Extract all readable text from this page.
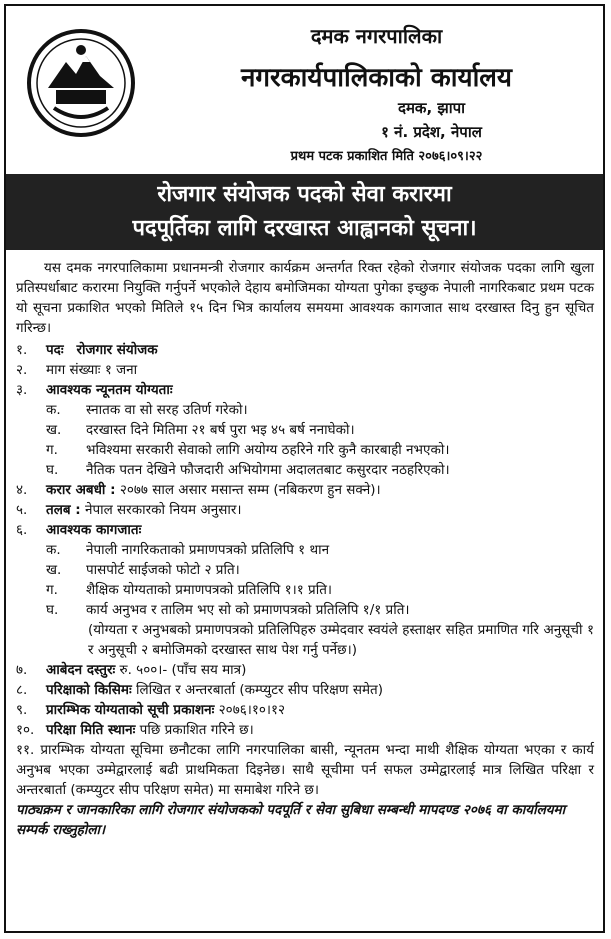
दमक नगरपालिका
नगरकार्यपालिकाको कार्यालय
दमक, झापा
१ नं. प्रदेश, नेपाल
प्रथम पटक प्रकाशित मिति २०७६।०९।२२
रोजगार संयोजक पदको सेवा करारमा
पदपूर्तिका लागि दरखास्त आह्वानको सूचना।

यस दमक नगरपालिकामा प्रधानमन्त्री रोजगार कार्यक्रम अन्तर्गत रिक्त रहेको रोजगार संयोजक पदका लागि खुला प्रतिस्पर्धाबाट करारमा नियुक्ति गर्नुपर्ने भएकोले देहाय बमोजिमका योग्यता पुगेका इच्छुक नेपाली नागरिकबाट प्रथम पटक यो सूचना प्रकाशित भएको मितिले १५ दिन भित्र कार्यालय समयमा आवश्यक कागजात साथ दरखास्त दिनु हुन सूचित गरिन्छ।

१.	पदः
रोजगार संयोजक
२.	माग संख्याः
१ जना
३.	आवश्यक न्यूनतम योग्यताः
क.	स्नातक वा सो सरह उतिर्ण गरेको।
ख.	दरखास्त दिने मितिमा २१ बर्ष पुरा भइ ४५ बर्ष ननाघेको।
ग.	भविश्यमा सरकारी सेवाको लागि अयोग्य ठहरिने गरि कुनै कारबाही नभएको।
घ.	नैतिक पतन देखिने फौजदारी अभियोगमा अदालतबाट कसुरदार नठहरिएको।
४.	करार अबधी :
२०७७ साल असार मसान्त सम्म (नबिकरण हुन सक्ने)।
५.	तलब :
नेपाल सरकारको नियम अनुसार।
६.	आवश्यक कागजातः
क.	नेपाली नागरिकताको प्रमाणपत्रको प्रतिलिपि १ थान
ख.	पासपोर्ट साईजको फोटो २ प्रति।
ग.	शैक्षिक योग्यताको प्रमाणपत्रको प्रतिलिपि १।१ प्रति।
घ.	कार्य अनुभव र तालिम भए सो को प्रमाणपत्रको प्रतिलिपि १/१ प्रति।
(योग्यता र अनुभबको प्रमाणपत्रको प्रतिलिपिहरु उम्मेदवार स्वयंले हस्ताक्षर सहित प्रमाणित गरि अनुसूची १ र अनुसूची २ बमोजिमको दरखास्त साथ पेश गर्नु पर्नेछ।)
७.	आबेदन दस्तुरः
रु. ५००।- (पाँच सय मात्र)
८.	परिक्षाको किसिमः
लिखित र अन्तरबार्ता (कम्प्युटर सीप परिक्षण समेत)
९.	प्रारम्भिक योग्यताको सूची प्रकाशनः
२०७६।१०।१२
१०. परिक्षा मिति स्थानः
पछि प्रकाशित गरिने छ।
११. प्रारम्भिक योग्यता सूचिमा छनौटका लागि नगरपालिका बासी, न्यूनतम भन्दा माथी शैक्षिक योग्यता भएका र कार्य अनुभब भएका उम्मेद्वारलाई बढी प्राथमिकता दिइनेछ। साथै सूचीमा पर्न सफल उम्मेद्वारलाई मात्र लिखित परिक्षा र अन्तरबार्ता (कम्प्युटर सीप परिक्षण समेत) मा समाबेश गरिने छ।
पाठ्यक्रम र जानकारिका लागि रोजगार संयोजकको पदपूर्ति र सेवा सुबिधा सम्बन्धी मापदण्ड २०७६ वा कार्यालयमा सम्पर्क राख्नुहोला।
